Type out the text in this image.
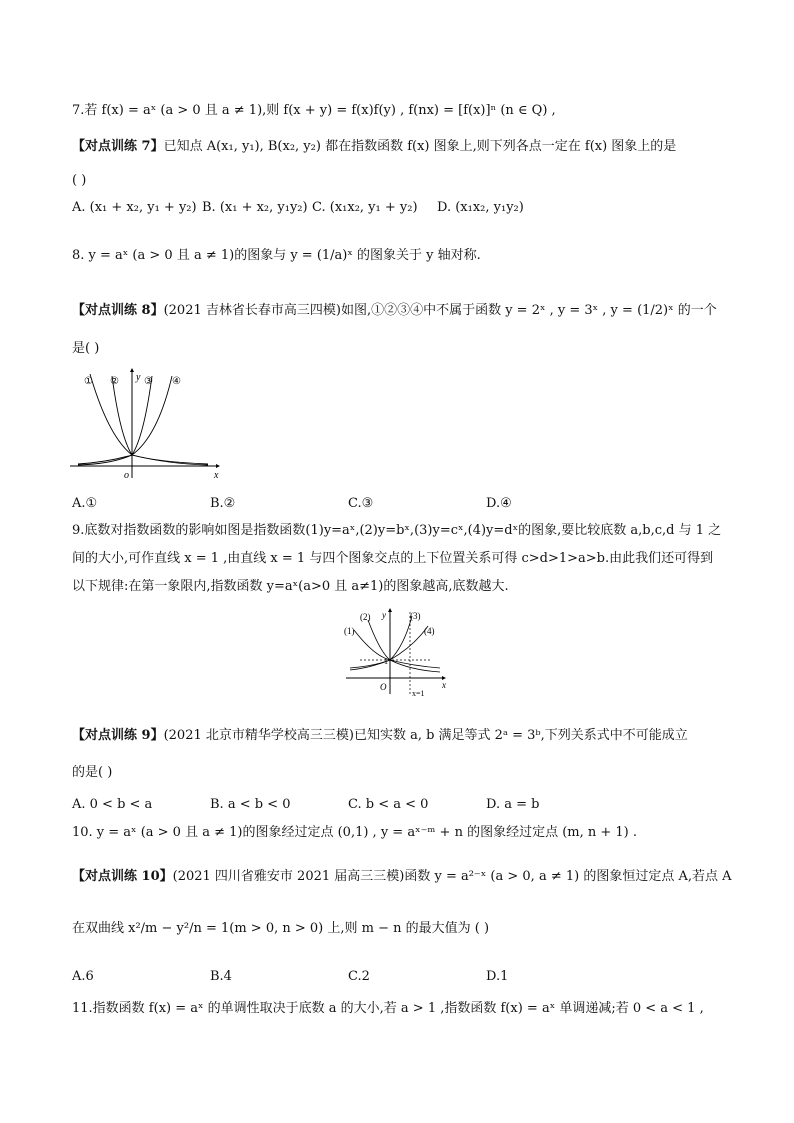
7.若 f(x) = aˣ (a > 0 且 a ≠ 1),则 f(x + y) = f(x)f(y) , f(nx) = [f(x)]ⁿ (n ∈ Q) ,
【对点训练 7】已知点 A(x₁, y₁), B(x₂, y₂) 都在指数函数 f(x) 图象上,则下列各点一定在 f(x) 图象上的是
( )
A. (x₁ + x₂, y₁ + y₂) B. (x₁ + x₂, y₁y₂) C. (x₁x₂, y₁ + y₂) D. (x₁x₂, y₁y₂)
8. y = aˣ (a > 0 且 a ≠ 1)的图象与 y = (1/a)ˣ 的图象关于 y 轴对称.
【对点训练 8】(2021 吉林省长春市高三四模)如图,①②③④中不属于函数 y = 2ˣ , y = 3ˣ , y = (1/2)ˣ 的一个
是( )
y
x
o
① ②	③ ④
A.①	B.②	C.③	D.④
9.底数对指数函数的影响如图是指数函数(1)y=aˣ,(2)y=bˣ,(3)y=cˣ,(4)y=dˣ的图象,要比较底数 a,b,c,d 与 1 之
间的大小,可作直线 x = 1 ,由直线 x = 1 与四个图象交点的上下位置关系可得 c>d>1>a>b.由此我们还可得到
以下规律:在第一象限内,指数函数 y=aˣ(a>0 且 a≠1)的图象越高,底数越大.
y
x
O
1
(1)
(2)	(3)
(4)
x=1
【对点训练 9】(2021 北京市精华学校高三三模)已知实数 a, b 满足等式 2ᵃ = 3ᵇ,下列关系式中不可能成立
的是( )
A. 0 < b < a	B. a < b < 0	C. b < a < 0	D. a = b
10. y = aˣ (a > 0 且 a ≠ 1)的图象经过定点 (0,1) , y = aˣ⁻ᵐ + n 的图象经过定点 (m, n + 1) .
【对点训练 10】(2021 四川省雅安市 2021 届高三三模)函数 y = a²⁻ˣ (a > 0, a ≠ 1) 的图象恒过定点 A,若点 A
在双曲线 x²/m − y²/n = 1(m > 0, n > 0) 上,则 m − n 的最大值为 ( )
A.6	B.4	C.2	D.1
11.指数函数 f(x) = aˣ 的单调性取决于底数 a 的大小,若 a > 1 ,指数函数 f(x) = aˣ 单调递减;若 0 < a < 1 ,
